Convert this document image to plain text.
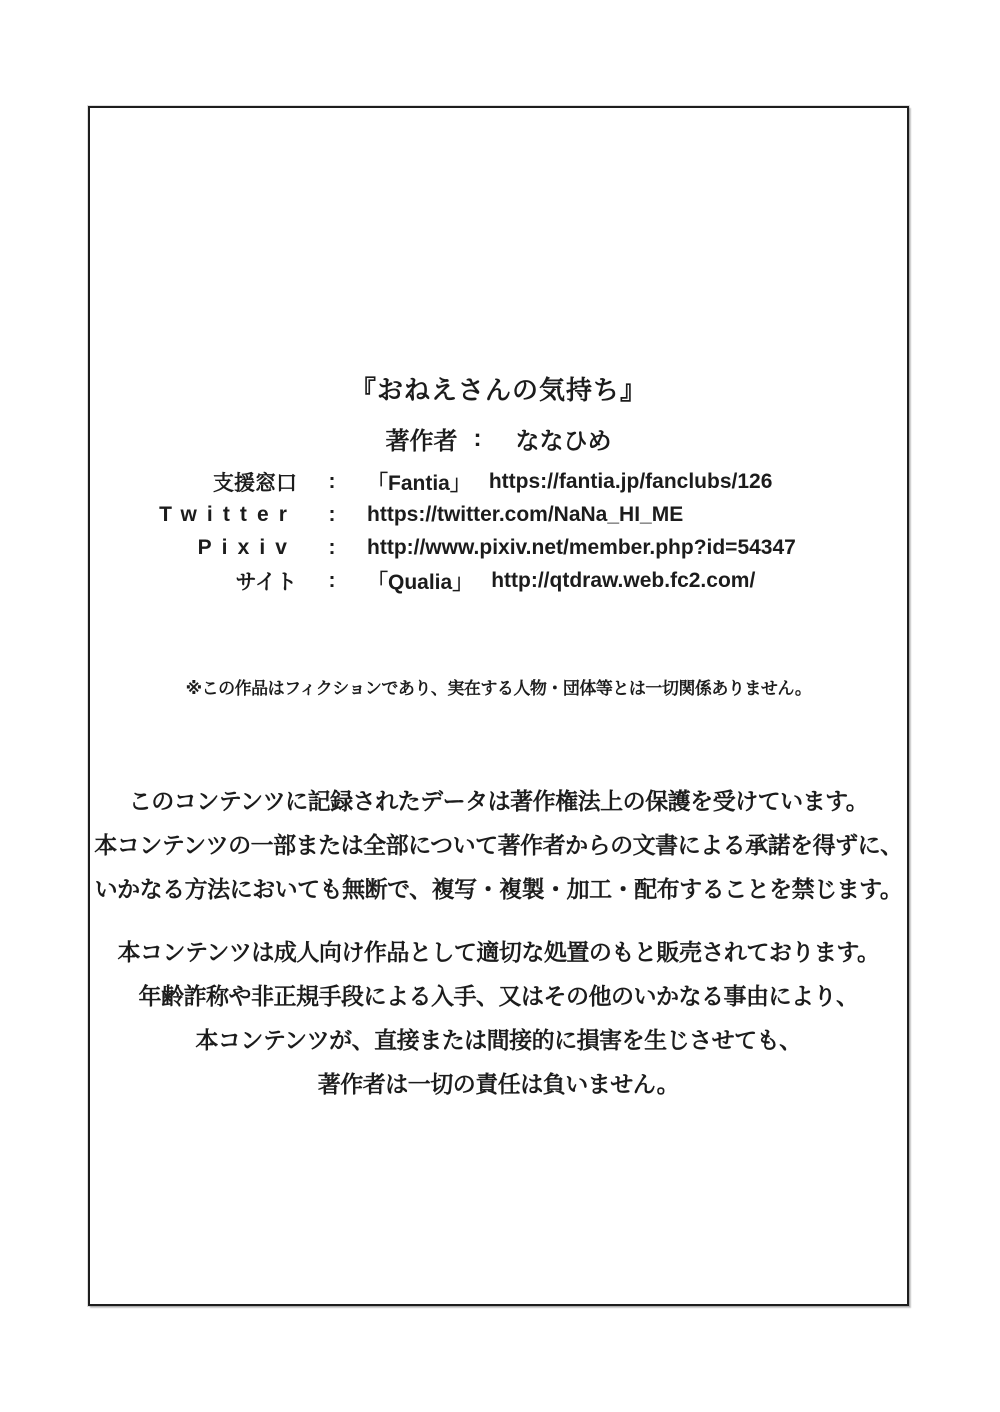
『おねえさんの気持ち』
著作者 : ななひめ
支援窓口	:	「Fantia」 https://fantia.jp/fanclubs/126
Twitter	:	https://twitter.com/NaNa_HI_ME
Pixiv	:	http://www.pixiv.net/member.php?id=54347
サイト	:	「Qualia」 http://qtdraw.web.fc2.com/
※この作品はフィクションであり、実在する人物・団体等とは一切関係ありません。
このコンテンツに記録されたデータは著作権法上の保護を受けています。
本コンテンツの一部または全部について著作者からの文書による承諾を得ずに、
いかなる方法においても無断で、複写・複製・加工・配布することを禁じます。
本コンテンツは成人向け作品として適切な処置のもと販売されております。
年齢詐称や非正規手段による入手、又はその他のいかなる事由により、
本コンテンツが、直接または間接的に損害を生じさせても、
著作者は一切の責任は負いません。
